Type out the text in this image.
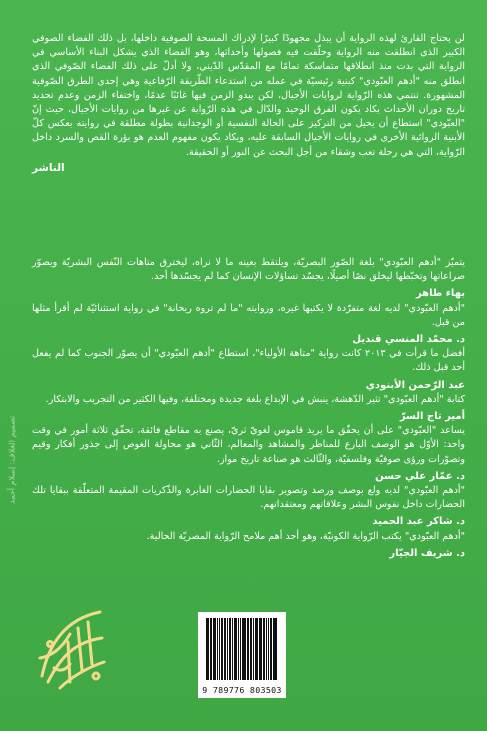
لن يحتاج القارئ لهذه الرواية أن يبذل مجهودًا كبيرًا لإدراك المسحة الصوفية داخلها، بل ذلك الفضاء الصوفي الكبير الذي انطلقت منه الرواية وحلّقت فيه فصولها وأحداثها، وهو الفضاء الذي يشكل البناء الأساسي في الرواية التي بدت منذ انطلاقها متماسكة تمامًا مع المقدّس الدّيني، ولا أدلّ على ذلك الفضاء الصّوفي الذي انطلق منه "أدهم العبّودي" كبنية رئيسيّة في عمله من استدعاء الطّريقة الرّفاعية وهي إحدى الطرق الصّوفية المشهورة. تنتمي هذه الرّواية لروايات الأجيال، لكن يبدو الزمن فيها غائبًا عدمًا، واختفاء الزمن وعدم تحديد تاريخ دوران الأحداث يكاد يكون الفرق الوحيد والدّال في هذه الرّواية عن غيرها من روايات الأجيال، حيث إنّ "العبّودي" استطاع أن يحيل من التركيز على الحالة النفسية أو الوجدانية بطولة مطلقة في روايته بعكس كلّ الأبنية الروائية الأخرى في روايات الأجيال السابقة عليه، ويكاد يكون مفهوم العدم هو بؤرة القص والسرد داخل الرّواية، التي هي رحلة تعب وشقاء من أجل البحث عن النور أو الحقيقة.
الناشر
يتميّز "أدهم العبّودي" بلغة الصّور البصريّة، ويلتقط بعينه ما لا نراه، ليخترق متاهات النّفس البشريّة ويصوّر صراعاتها وتخبّطها ليخلق نصًا أصيلًا، يجسّد تساؤلات الإنسان كما لم يجسّدها أحد.
بهاء طاهر
"أدهم العبّودي" لديه لغة متفرّدة لا يكتبها غيره، وروايته "ما لم تروه ريحانة" في رواية استثنائيّة لم أقرأ مثلها من قبل.
د. محمّد المنسي قنديل
أفضل ما قرأت في ٢٠١٣ كانت رواية "متاهة الأولياء"، استطاع "أدهم العبّودي" أن يصوّر الجنوب كما لم يفعل أحد قبل ذلك.
عبد الرّحمن الأبنودي
كتابة "أدهم العبّودي" تثير الدّهشة، ينبش في الإبداع بلغة جديدة ومختلفة، وفيها الكثير من التجريب والابتكار.
أمير تاج السرّ
يساعد "العبّودي" على أن يحقّق ما يريد قاموس لغويّ ثريّ، يصنع به مقاطع فائقة، تحقّق ثلاثة أمور في وقت واحد: الأوّل هو الوصف البارع للمناظر والمشاهد والمعالم، الثّاني هو محاولة الغوص إلى جذور أفكار وقيم وتصوّرات ورؤى صوفيّة وفلسفيّة، والثّالث هو صناعة تاريخ مواز.
د. عمّار علي حسن
"أدهم العبّودي" لديه ولع بوصف ورصد وتصوير بقايا الحضارات الغابرة والذّكريات المقيمة المتعلّقة ببقايا تلك الحضارات داخل نفوس البشر وعلاقاتهم ومعتقداتهم.
د. شاكر عبد الحميد
"أدهم العبّودي" يكتب الرّواية الكونيّة، وهو أحد أهم ملامح الرّواية المصريّة الحالية.
د. شريف الجيّار
تصميم الغلاف: إسلام أحمد
9 789776 803503
